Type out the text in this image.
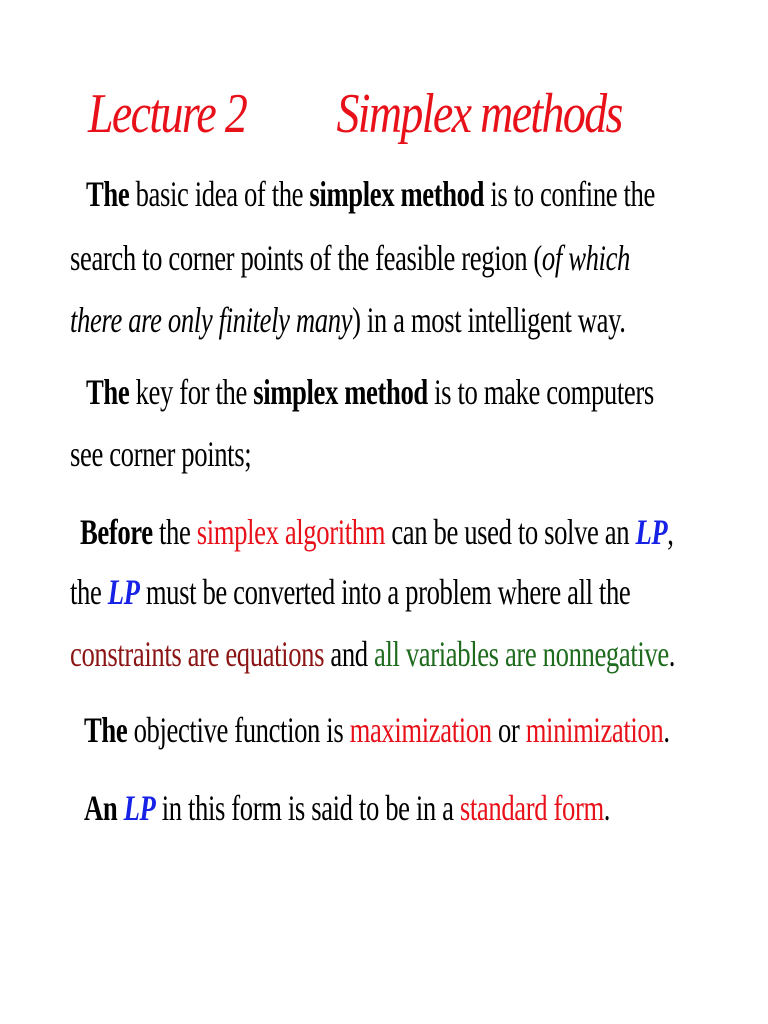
Lecture 2 Simplex methods
The basic idea of the simplex method is to confine the
search to corner points of the feasible region (of which
there are only finitely many) in a most intelligent way.
The key for the simplex method is to make computers
see corner points;
Before the simplex algorithm can be used to solve an LP,
the LP must be converted into a problem where all the
constraints are equations and all variables are nonnegative.
The objective function is maximization or minimization.
An LP in this form is said to be in a standard form.
